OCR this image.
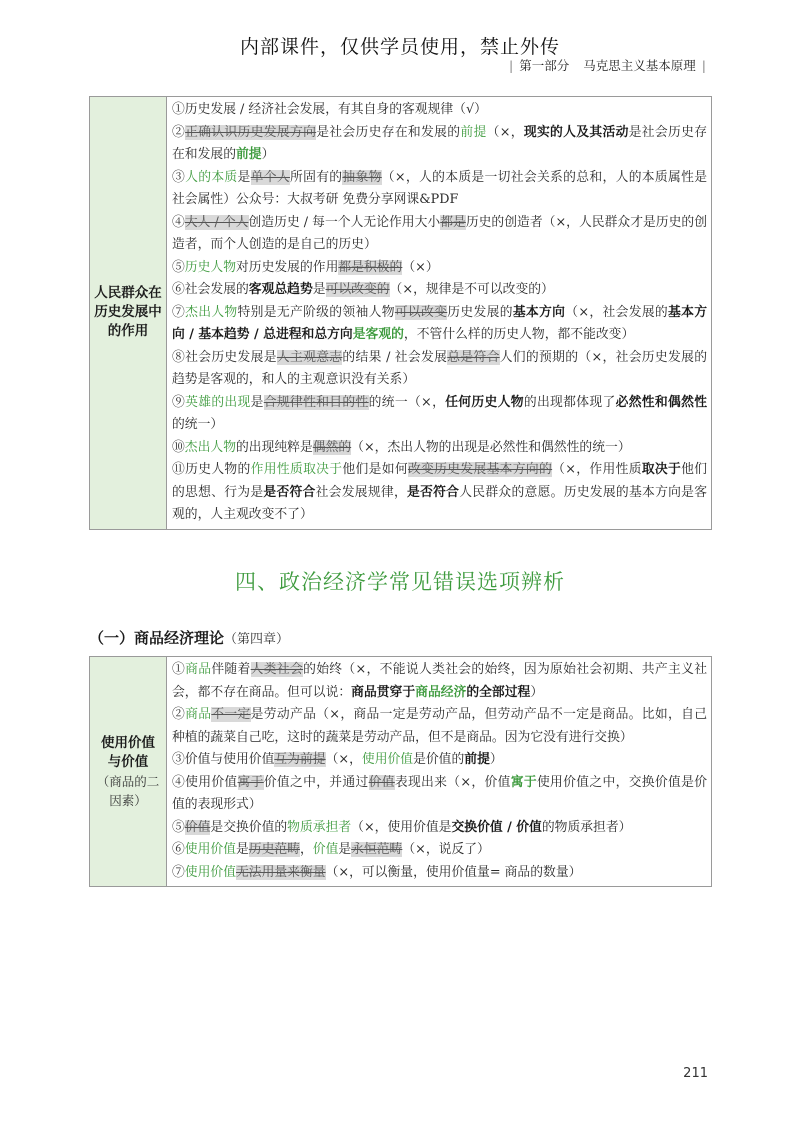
内部课件，仅供学员使用，禁止外传
| 第一部分 马克思主义基本原理 |
人民群众在历史发展中的作用	
①历史发展 / 经济社会发展，有其自身的客观规律（√）
②正确认识历史发展方向是社会历史存在和发展的前提（×，现实的人及其活动是社会历史存在和发展的前提）
③人的本质是单个人所固有的抽象物（×，人的本质是一切社会关系的总和，人的本质属性是社会属性）公众号：大叔考研 免费分享网课&PDF
④大人 / 个人创造历史 / 每一个人无论作用大小都是历史的创造者（×，人民群众才是历史的创造者，而个人创造的是自己的历史）
⑤历史人物对历史发展的作用都是积极的（×）
⑥社会发展的客观总趋势是可以改变的（×，规律是不可以改变的）
⑦杰出人物特别是无产阶级的领袖人物可以改变历史发展的基本方向（×，社会发展的基本方向 / 基本趋势 / 总进程和总方向是客观的，不管什么样的历史人物，都不能改变）
⑧社会历史发展是人主观意志的结果 / 社会发展总是符合人们的预期的（×，社会历史发展的趋势是客观的，和人的主观意识没有关系）
⑨英雄的出现是合规律性和目的性的统一（×，任何历史人物的出现都体现了必然性和偶然性的统一）
⑩杰出人物的出现纯粹是偶然的（×，杰出人物的出现是必然性和偶然性的统一）
⑪历史人物的作用性质取决于他们是如何改变历史发展基本方向的（×，作用性质取决于他们的思想、行为是是否符合社会发展规律，是否符合人民群众的意愿。历史发展的基本方向是客观的，人主观改变不了）
四、政治经济学常见错误选项辨析
（一）商品经济理论（第四章）
使用价值与价值
（商品的二因素）

①商品伴随着人类社会的始终（×，不能说人类社会的始终，因为原始社会初期、共产主义社会，都不存在商品。但可以说：商品贯穿于商品经济的全部过程）
②商品不一定是劳动产品（×，商品一定是劳动产品，但劳动产品不一定是商品。比如，自己种植的蔬菜自己吃，这时的蔬菜是劳动产品，但不是商品。因为它没有进行交换）
③价值与使用价值互为前提（×，使用价值是价值的前提）
④使用价值寓于价值之中，并通过价值表现出来（×，价值寓于使用价值之中，交换价值是价值的表现形式）
⑤价值是交换价值的物质承担者（×，使用价值是交换价值 / 价值的物质承担者）
⑥使用价值是历史范畴，价值是永恒范畴（×，说反了）
⑦使用价值无法用量来衡量（×，可以衡量，使用价值量= 商品的数量）
211
